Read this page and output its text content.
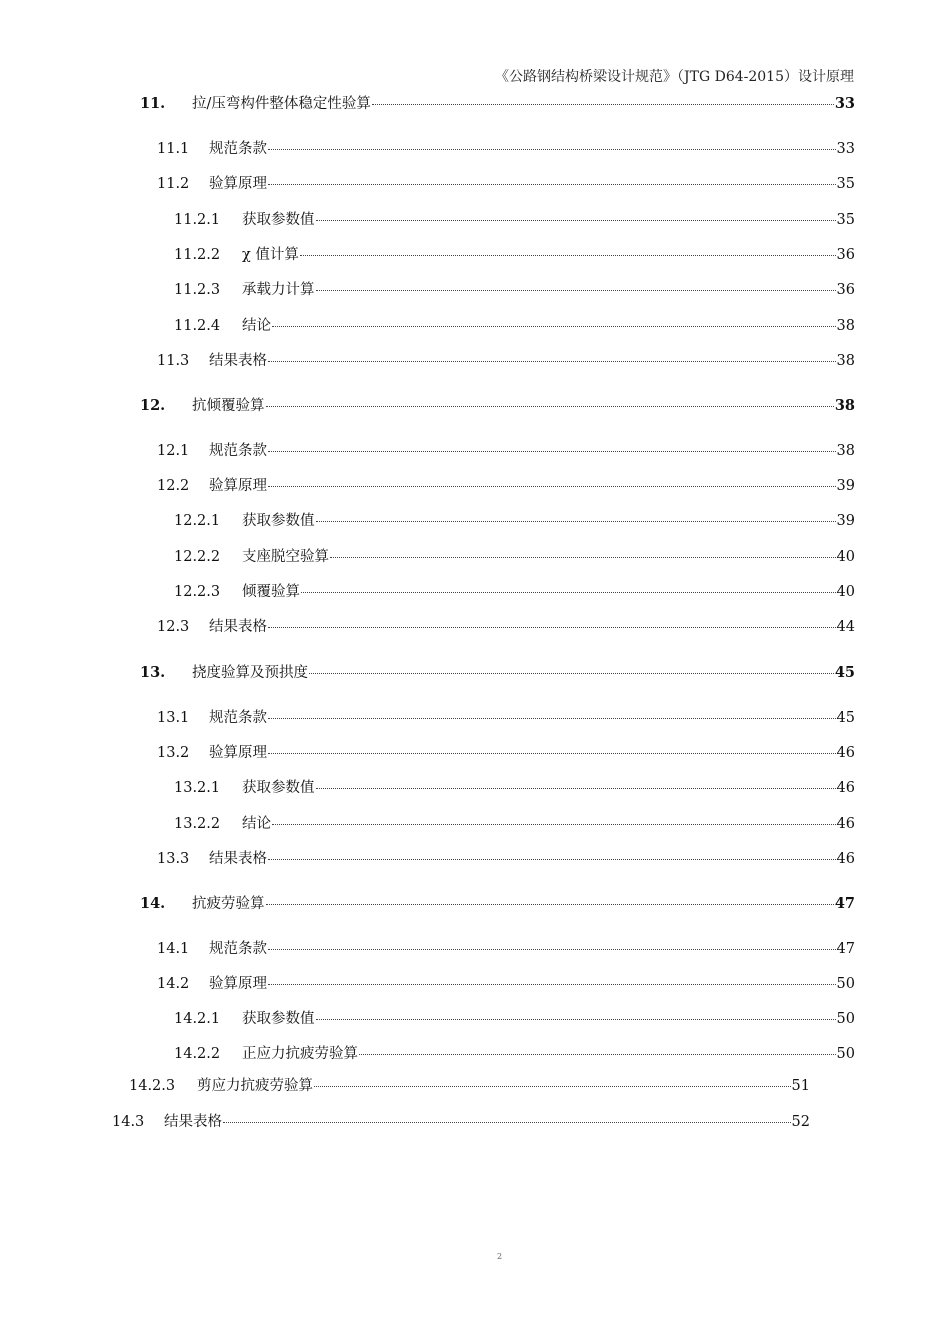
《公路钢结构桥梁设计规范》（JTG D64-2015）设计原理
11.	拉/压弯构件整体稳定性验算	33
11.1	规范条款	33
11.2	验算原理	35
11.2.1	获取参数值	35
11.2.2	χ 值计算	36
11.2.3	承载力计算	36
11.2.4	结论	38
11.3	结果表格	38
12.	抗倾覆验算	38
12.1	规范条款	38
12.2	验算原理	39
12.2.1	获取参数值	39
12.2.2	支座脱空验算	40
12.2.3	倾覆验算	40
12.3	结果表格	44
13.	挠度验算及预拱度	45
13.1	规范条款	45
13.2	验算原理	46
13.2.1	获取参数值	46
13.2.2	结论	46
13.3	结果表格	46
14.	抗疲劳验算	47
14.1	规范条款	47
14.2	验算原理	50
14.2.1	获取参数值	50
14.2.2	正应力抗疲劳验算	50
14.2.3	剪应力抗疲劳验算	51
14.3	结果表格	52
2
